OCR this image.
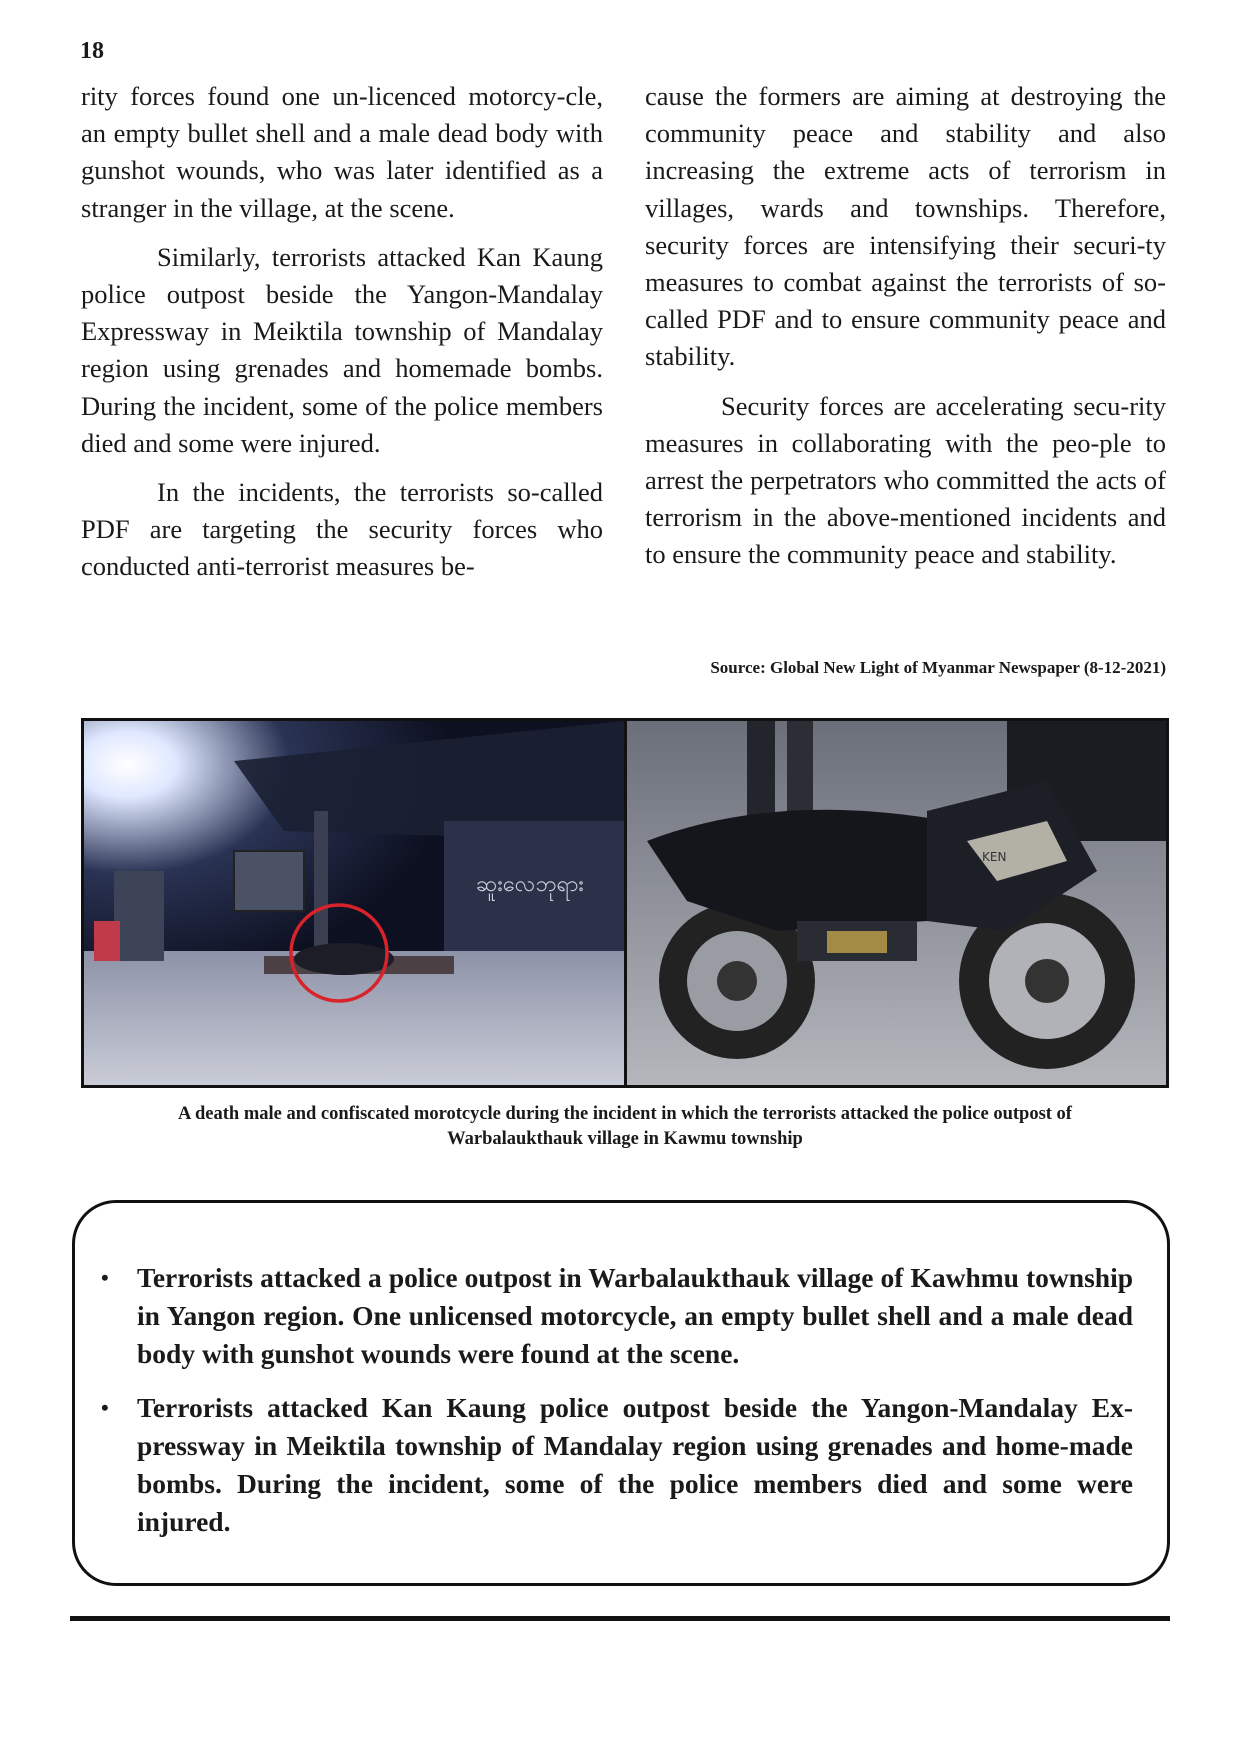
18

rity forces found one un-licenced motorcy-cle, an empty bullet shell and a male dead body with gunshot wounds, who was later identified as a stranger in the village, at the scene.

Similarly, terrorists attacked Kan Kaung police outpost beside the Yangon-Mandalay Expressway in Meiktila township of Mandalay region using grenades and homemade bombs. During the incident, some of the police members died and some were injured.

In the incidents, the terrorists so-called PDF are targeting the security forces who conducted anti-terrorist measures be-

cause the formers are aiming at destroying the community peace and stability and also increasing the extreme acts of terrorism in villages, wards and townships. Therefore, security forces are intensifying their securi-ty measures to combat against the terrorists of so-called PDF and to ensure community peace and stability.

Security forces are accelerating secu-rity measures in collaborating with the peo-ple to arrest the perpetrators who committed the acts of terrorism in the above-mentioned incidents and to ensure the community peace and stability.

Source: Global New Light of Myanmar Newspaper (8-12-2021)
ဆူးလေဘုရား
KEN
A death male and confiscated morotcycle during the incident in which the terrorists attacked the police outpost of
Warbalaukthauk village in Kawmu township
• Terrorists attacked a police outpost in Warbalaukthauk village of Kawhmu township in Yangon region. One unlicensed motorcycle, an empty bullet shell and a male dead body with gunshot wounds were found at the scene.
• Terrorists attacked Kan Kaung police outpost beside the Yangon-Mandalay Ex-pressway in Meiktila township of Mandalay region using grenades and home-made bombs. During the incident, some of the police members died and some were injured.
